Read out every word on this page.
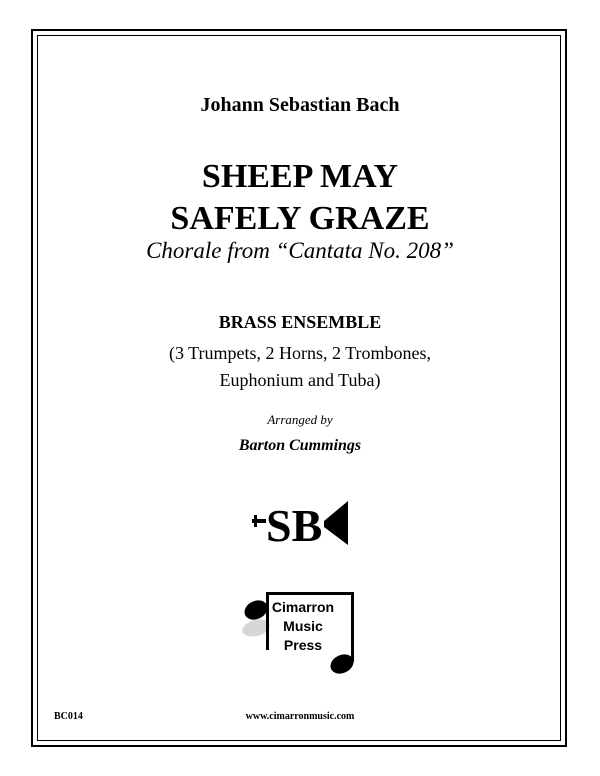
Johann Sebastian Bach
SHEEP MAY
SAFELY GRAZE
Chorale from “Cantata No. 208”
BRASS ENSEMBLE
(3 Trumpets, 2 Horns, 2 Trombones,
Euphonium and Tuba)
Arranged by
Barton Cummings
SB
Cimarron
Music
Press
BC014	www.cimarronmusic.com
